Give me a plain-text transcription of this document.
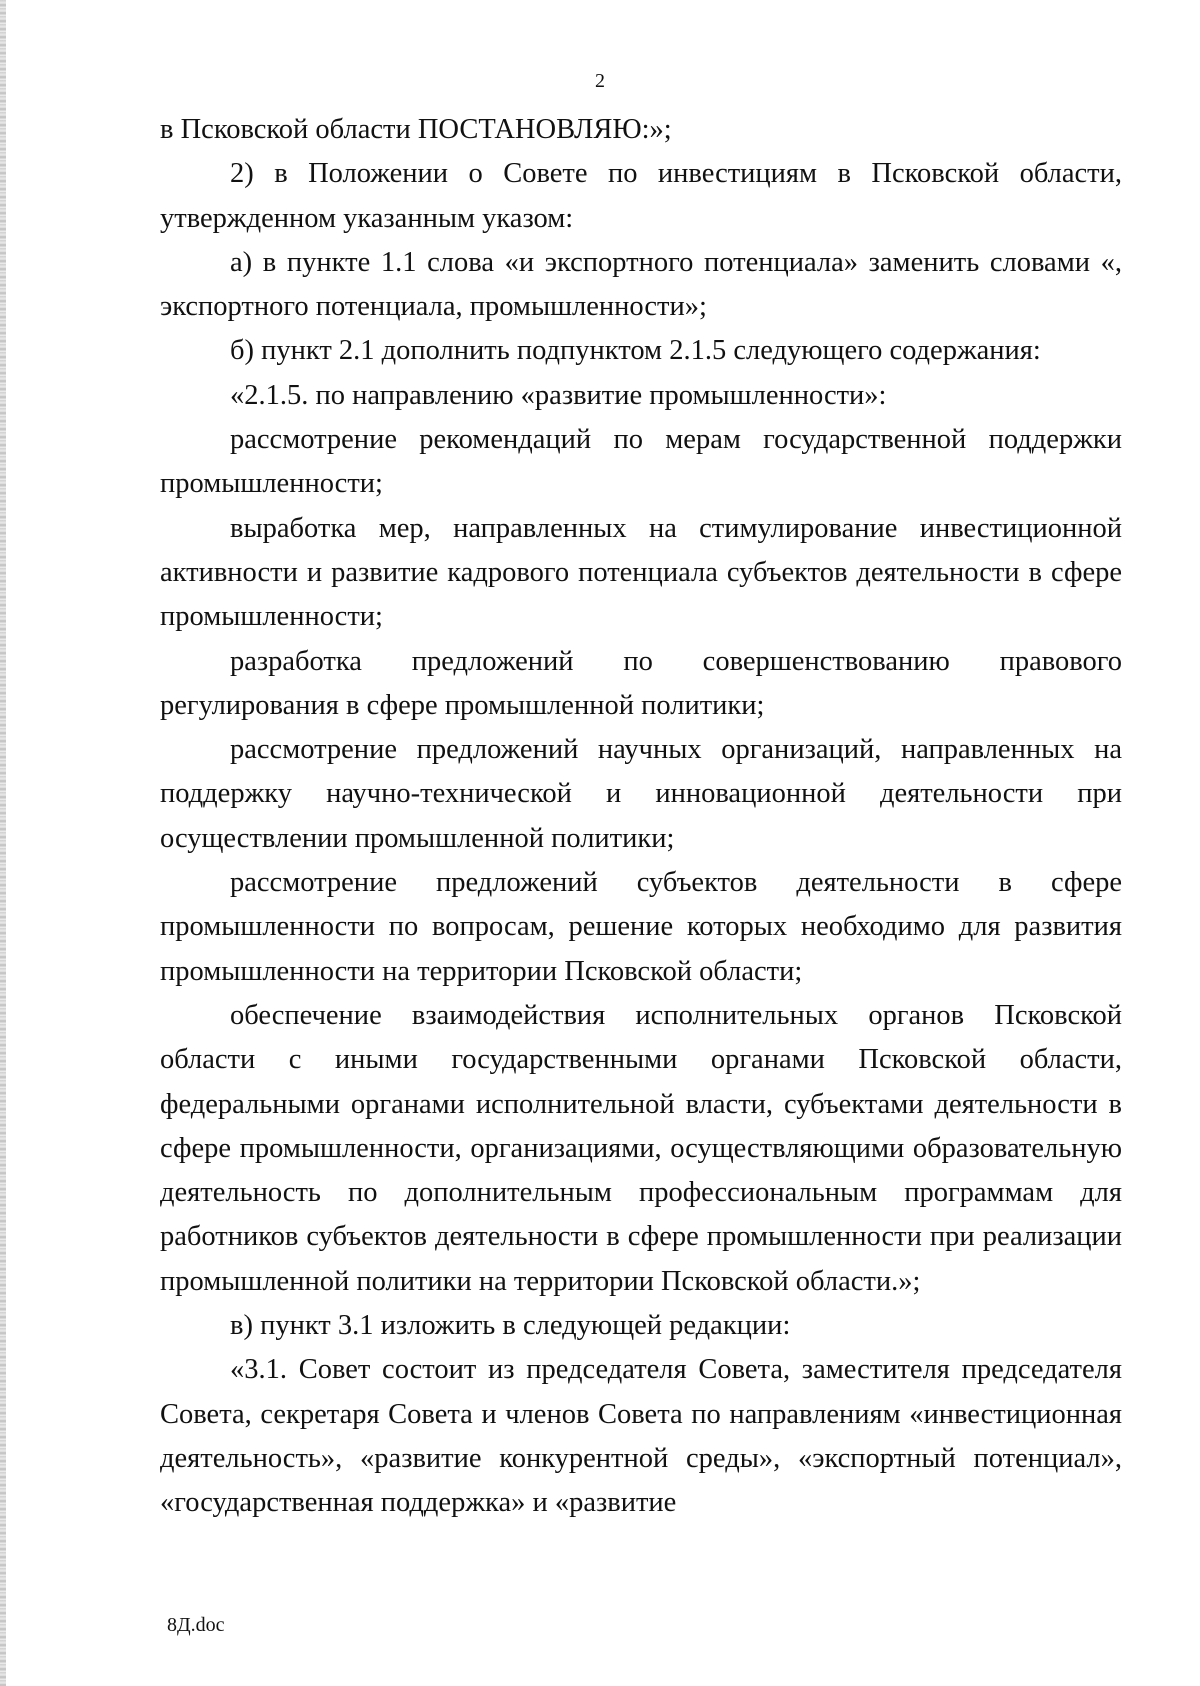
2

в Псковской области ПОСТАНОВЛЯЮ:»;

2) в Положении о Совете по инвестициям в Псковской области, утвержденном указанным указом:

а) в пункте 1.1 слова «и экспортного потенциала» заменить словами «, экспортного потенциала, промышленности»;

б) пункт 2.1 дополнить подпунктом 2.1.5 следующего содержания:

«2.1.5. по направлению «развитие промышленности»:

рассмотрение рекомендаций по мерам государственной поддержки промышленности;

выработка мер, направленных на стимулирование инвестиционной активности и развитие кадрового потенциала субъектов деятельности в сфере промышленности;

разработка предложений по совершенствованию правового регулирования в сфере промышленной политики;

рассмотрение предложений научных организаций, направленных на поддержку научно-технической и инновационной деятельности при осуществлении промышленной политики;

рассмотрение предложений субъектов деятельности в сфере промышленности по вопросам, решение которых необходимо для развития промышленности на территории Псковской области;

обеспечение взаимодействия исполнительных органов Псковской области с иными государственными органами Псковской области, федеральными органами исполнительной власти, субъектами деятельности в сфере промышленности, организациями, осуществляющими образовательную деятельность по дополнительным профессиональным программам для работников субъектов деятельности в сфере промышленности при реализации промышленной политики на территории Псковской области.»;

в) пункт 3.1 изложить в следующей редакции:

«3.1. Совет состоит из председателя Совета, заместителя председателя Совета, секретаря Совета и членов Совета по направлениям «инвестиционная деятельность», «развитие конкурентной среды», «экспортный потенциал», «государственная поддержка» и «развитие

8Д.doc
